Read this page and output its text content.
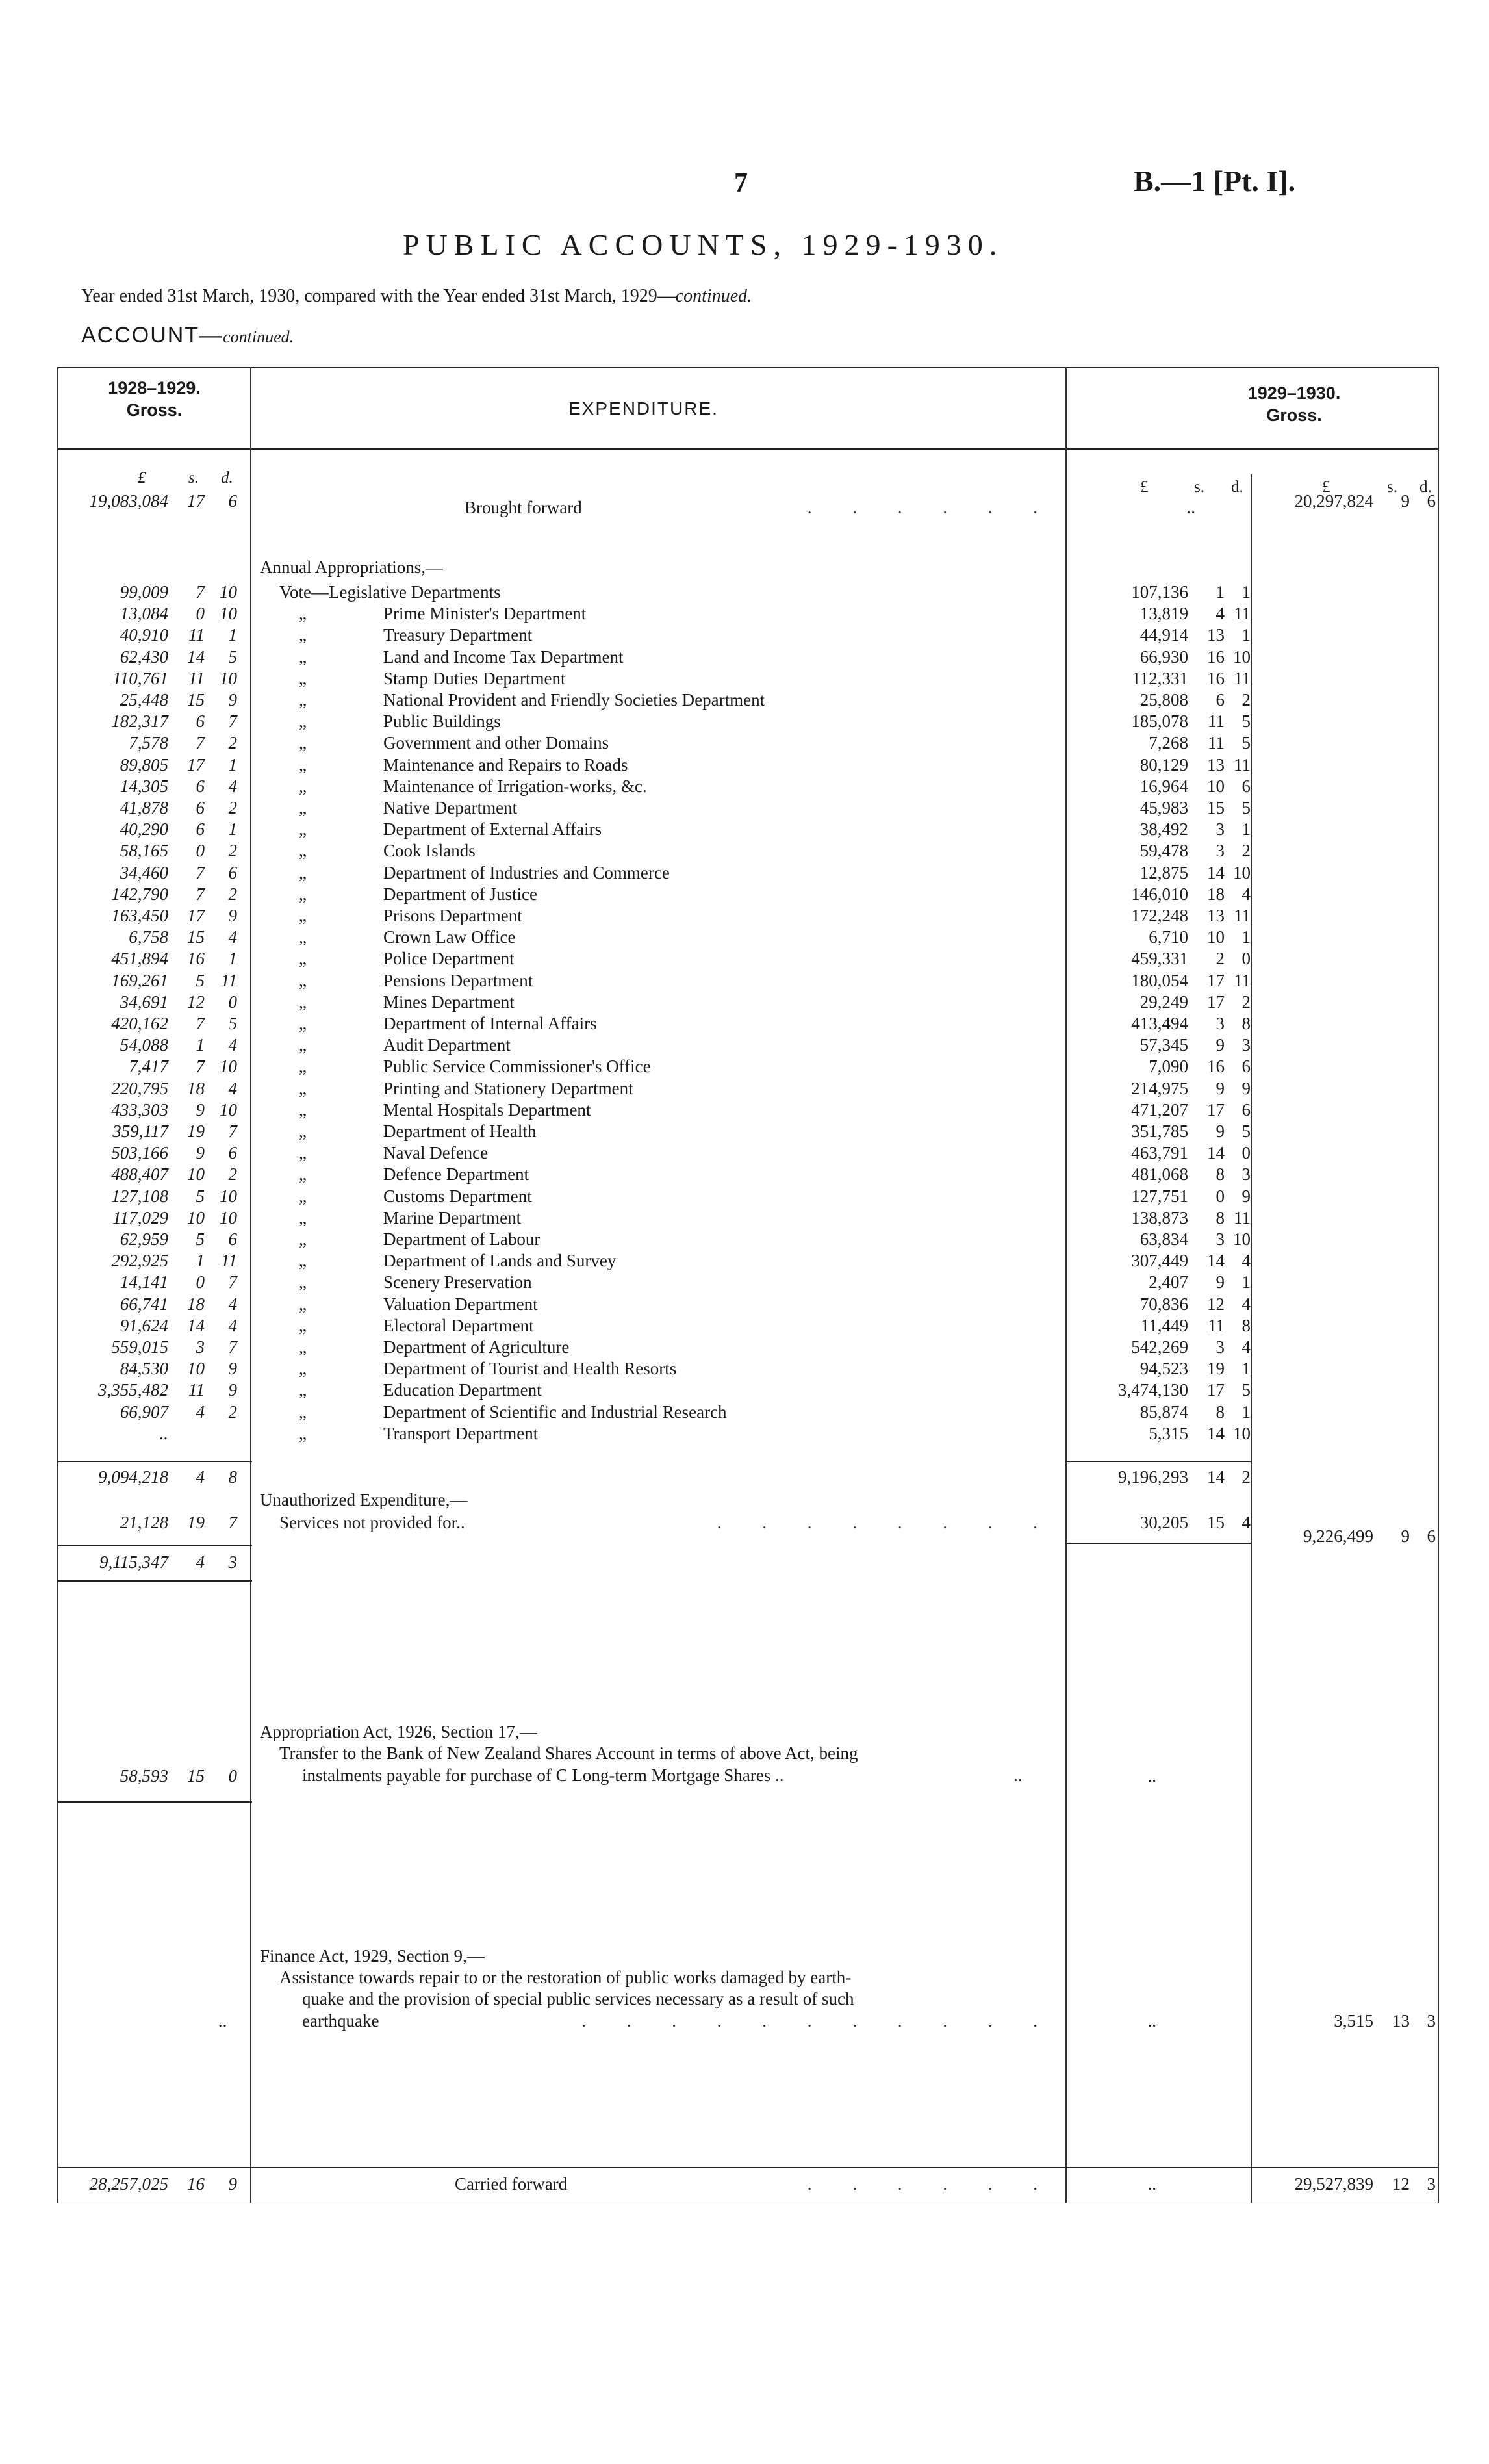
7	B.—1 [Pt. I].
PUBLIC ACCOUNTS, 1929-1930.
Year ended 31st March, 1930, compared with the Year ended 31st March, 1929—continued.
ACCOUNT—continued.
1928–1929.
Gross.	EXPENDITURE.
1929–1930.
Gross.
£	s. d.
£	s. d.	£	s. d.
19,083,084 17 6	Brought forward	. . . . . .	..	20,297,824 9 6
Annual Appropriations,—
99,009 7 10	Vote—Legislative Departments	107,136 1 1
13,084 0 10	„	Prime Minister's Department	13,819 4 11
40,910 11 1	„	Treasury Department	44,914 13 1
62,430 14 5	„	Land and Income Tax Department	66,930 16 10
110,761 11 10	„	Stamp Duties Department	112,331 16 11
25,448 15 9	„	National Provident and Friendly Societies Department	25,808 6 2
182,317 6 7	„	Public Buildings	185,078 11 5
7,578 7 2	„	Government and other Domains	7,268 11 5
89,805 17 1	„	Maintenance and Repairs to Roads	80,129 13 11
14,305 6 4	„	Maintenance of Irrigation-works, &c.	16,964 10 6
41,878 6 2	„	Native Department	45,983 15 5
40,290 6 1	„	Department of External Affairs	38,492 3 1
58,165 0 2	„	Cook Islands	59,478 3 2
34,460 7 6	„	Department of Industries and Commerce	12,875 14 10
142,790 7 2	„	Department of Justice	146,010 18 4
163,450 17 9	„	Prisons Department	172,248 13 11
6,758 15 4	„	Crown Law Office	6,710 10 1
451,894 16 1	„	Police Department	459,331 2 0
169,261 5 11	„	Pensions Department	180,054 17 11
34,691 12 0	„	Mines Department	29,249 17 2
420,162 7 5	„	Department of Internal Affairs	413,494 3 8
54,088 1 4	„	Audit Department	57,345 9 3
7,417 7 10	„	Public Service Commissioner's Office	7,090 16 6
220,795 18 4	„	Printing and Stationery Department	214,975 9 9
433,303 9 10	„	Mental Hospitals Department	471,207 17 6
359,117 19 7	„	Department of Health	351,785 9 5
503,166 9 6	„	Naval Defence	463,791 14 0
488,407 10 2	„	Defence Department	481,068 8 3
127,108 5 10	„	Customs Department	127,751 0 9
117,029 10 10	„	Marine Department	138,873 8 11
62,959 5 6	„	Department of Labour	63,834 3 10
292,925 1 11	„	Department of Lands and Survey	307,449 14 4
14,141 0 7	„	Scenery Preservation	2,407 9 1
66,741 18 4	„	Valuation Department	70,836 12 4
91,624 14 4	„	Electoral Department	11,449 11 8
559,015 3 7	„	Department of Agriculture	542,269 3 4
84,530 10 9	„	Department of Tourist and Health Resorts	94,523 19 1
3,355,482 11 9	„	Education Department	3,474,130 17 5
66,907 4 2	„	Department of Scientific and Industrial Research	85,874 8 1
..	„	Transport Department	5,315 14 10
9,094,218 4 8	9,196,293 14 2
Unauthorized Expenditure,—
21,128 19 7 Services not provided for..	. . . . . . . .	30,205 15 4
9,115,347 4 3
9,226,499 9 6
Appropriation Act, 1926, Section 17,—
Transfer to the Bank of New Zealand Shares Account in terms of above Act, being
instalments payable for purchase of C Long-term Mortgage Shares ..	..
58,593 15 0	..
Finance Act, 1929, Section 9,—
Assistance towards repair to or the restoration of public works damaged by earth-
quake and the provision of special public services necessary as a result of such
..	earthquake	. . . . . . . . . . .	..	3,515 13 3
28,257,025 16 9	Carried forward	. . . . . .	..	29,527,839 12 3
